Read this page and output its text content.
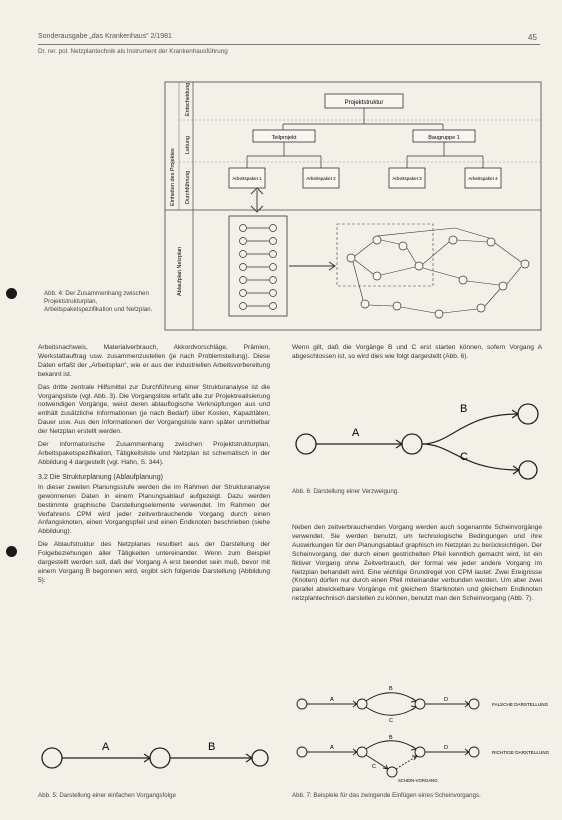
Sonderausgabe „das Krankenhaus“ 2/1981	45
Dr. rer. pol. Netzplantechnik als Instrument der Krankenhausführung
Entscheidung
Leitung
Durchführung
Einheiten des Projektes
Ablaufplan Netzplan
Projektstruktur
Teilprojekt	Baugruppe 1
Arbeitspaket 1	Arbeitspaket 2	Arbeitspaket 3	Arbeitspaket 4
Abb. 4: Der Zusammenhang zwischen Projektstrukturplan, Arbeitspaketspezifikation und Netzplan.

Arbeitsnachweis, Materialverbrauch, Akkordvorschläge, Prämien, Werkstattauftrag usw. zusammenzustellen (je nach Problemstellung). Diese Daten erfaßt der „Arbeitsplan“, wie er aus der industriellen Arbeitsvorbereitung bekannt ist.

Das dritte zentrale Hilfsmittel zur Durchführung einer Strukturanalyse ist die Vorgangsliste (vgl. Abb. 3). Die Vorgangsliste erfaßt alle zur Projektrealisierung notwendigen Vorgänge, weist deren ablauflogische Verknüpfungen aus und enthält zusätzliche Informationen (je nach Bedarf) über Kosten, Kapazitäten, Dauer usw. Aus den Informationen der Vorgangsliste kann später unmittelbar der Netzplan erstellt werden.

Der informatorische Zusammenhang zwischen Projektstrukturplan, Arbeitspaketspezifikation, Tätigkeitsliste und Netzplan ist schematisch in der Abbildung 4 dargestellt (vgl. Hahn, S. 344).

3.2 Die Strukturplanung (Ablaufplanung)

In dieser zweiten Planungsstufe werden die im Rahmen der Strukturanalyse gewonnenen Daten in einem Planungsablauf aufgezeigt. Dazu werden bestimmte graphische Darstellungselemente verwendet. Im Rahmen der Verfahrens CPM wird jeder zeitverbrauchende Vorgang durch einen Anfangsknoten, einen Vorgangspfeil und einen Endknoten beschrieben (siehe Abbildung).

Die Ablaufstruktur des Netzplanes resultiert aus der Darstellung der Folgebeziehungen aller Tätigkeiten untereinander. Wenn zum Beispiel dargestellt werden soll, daß der Vorgang A erst beendet sein muß, bevor mit einem Vorgang B begonnen wird, ergibt sich folgende Darstellung (Abbildung 5):

A	B
Abb. 5: Darstellung einer einfachen Vorgangsfolge

Wenn gilt, daß die Vorgänge B und C erst starten können, sofern Vorgang A abgeschlossen ist, so wird dies wie folgt dargestellt (Abb. 6).

A
B
C
Abb. 6: Darstellung einer Verzweigung.

Neben den zeitverbrauchenden Vorgang werden auch sogenannte Scheinvorgänge verwendet. Sie werden benutzt, um technologische Bedingungen und ihre Auswirkungen für den Planungsablauf graphisch im Netzplan zu berücksichtigen. Der Scheinvorgang, der durch einen gestrichelten Pfeil kenntlich gemacht wird, ist ein fiktiver Vorgang ohne Zeitverbrauch, der formal wie jeder andere Vorgang im Netzplan behandelt wird. Eine wichtige Grundregel von CPM lautet: Zwei Ereignisse (Knoten) dürfen nur durch einen Pfeil miteinander verbunden werden. Um aber zwei parallel abwickelbare Vorgänge mit gleichem Startknoten und gleichem Endknoten netzplantechnisch darstellen zu können, benutzt man den Scheinvorgang (Abb. 7).

A
B
C
D
FALSCHE DARSTELLUNG
A
B
C
D
RICHTIGE DARSTELLUNG
SCHEIN-VORGANG
Abb. 7: Beispiele für das zwingende Einfügen eines Scheinvorgangs.
